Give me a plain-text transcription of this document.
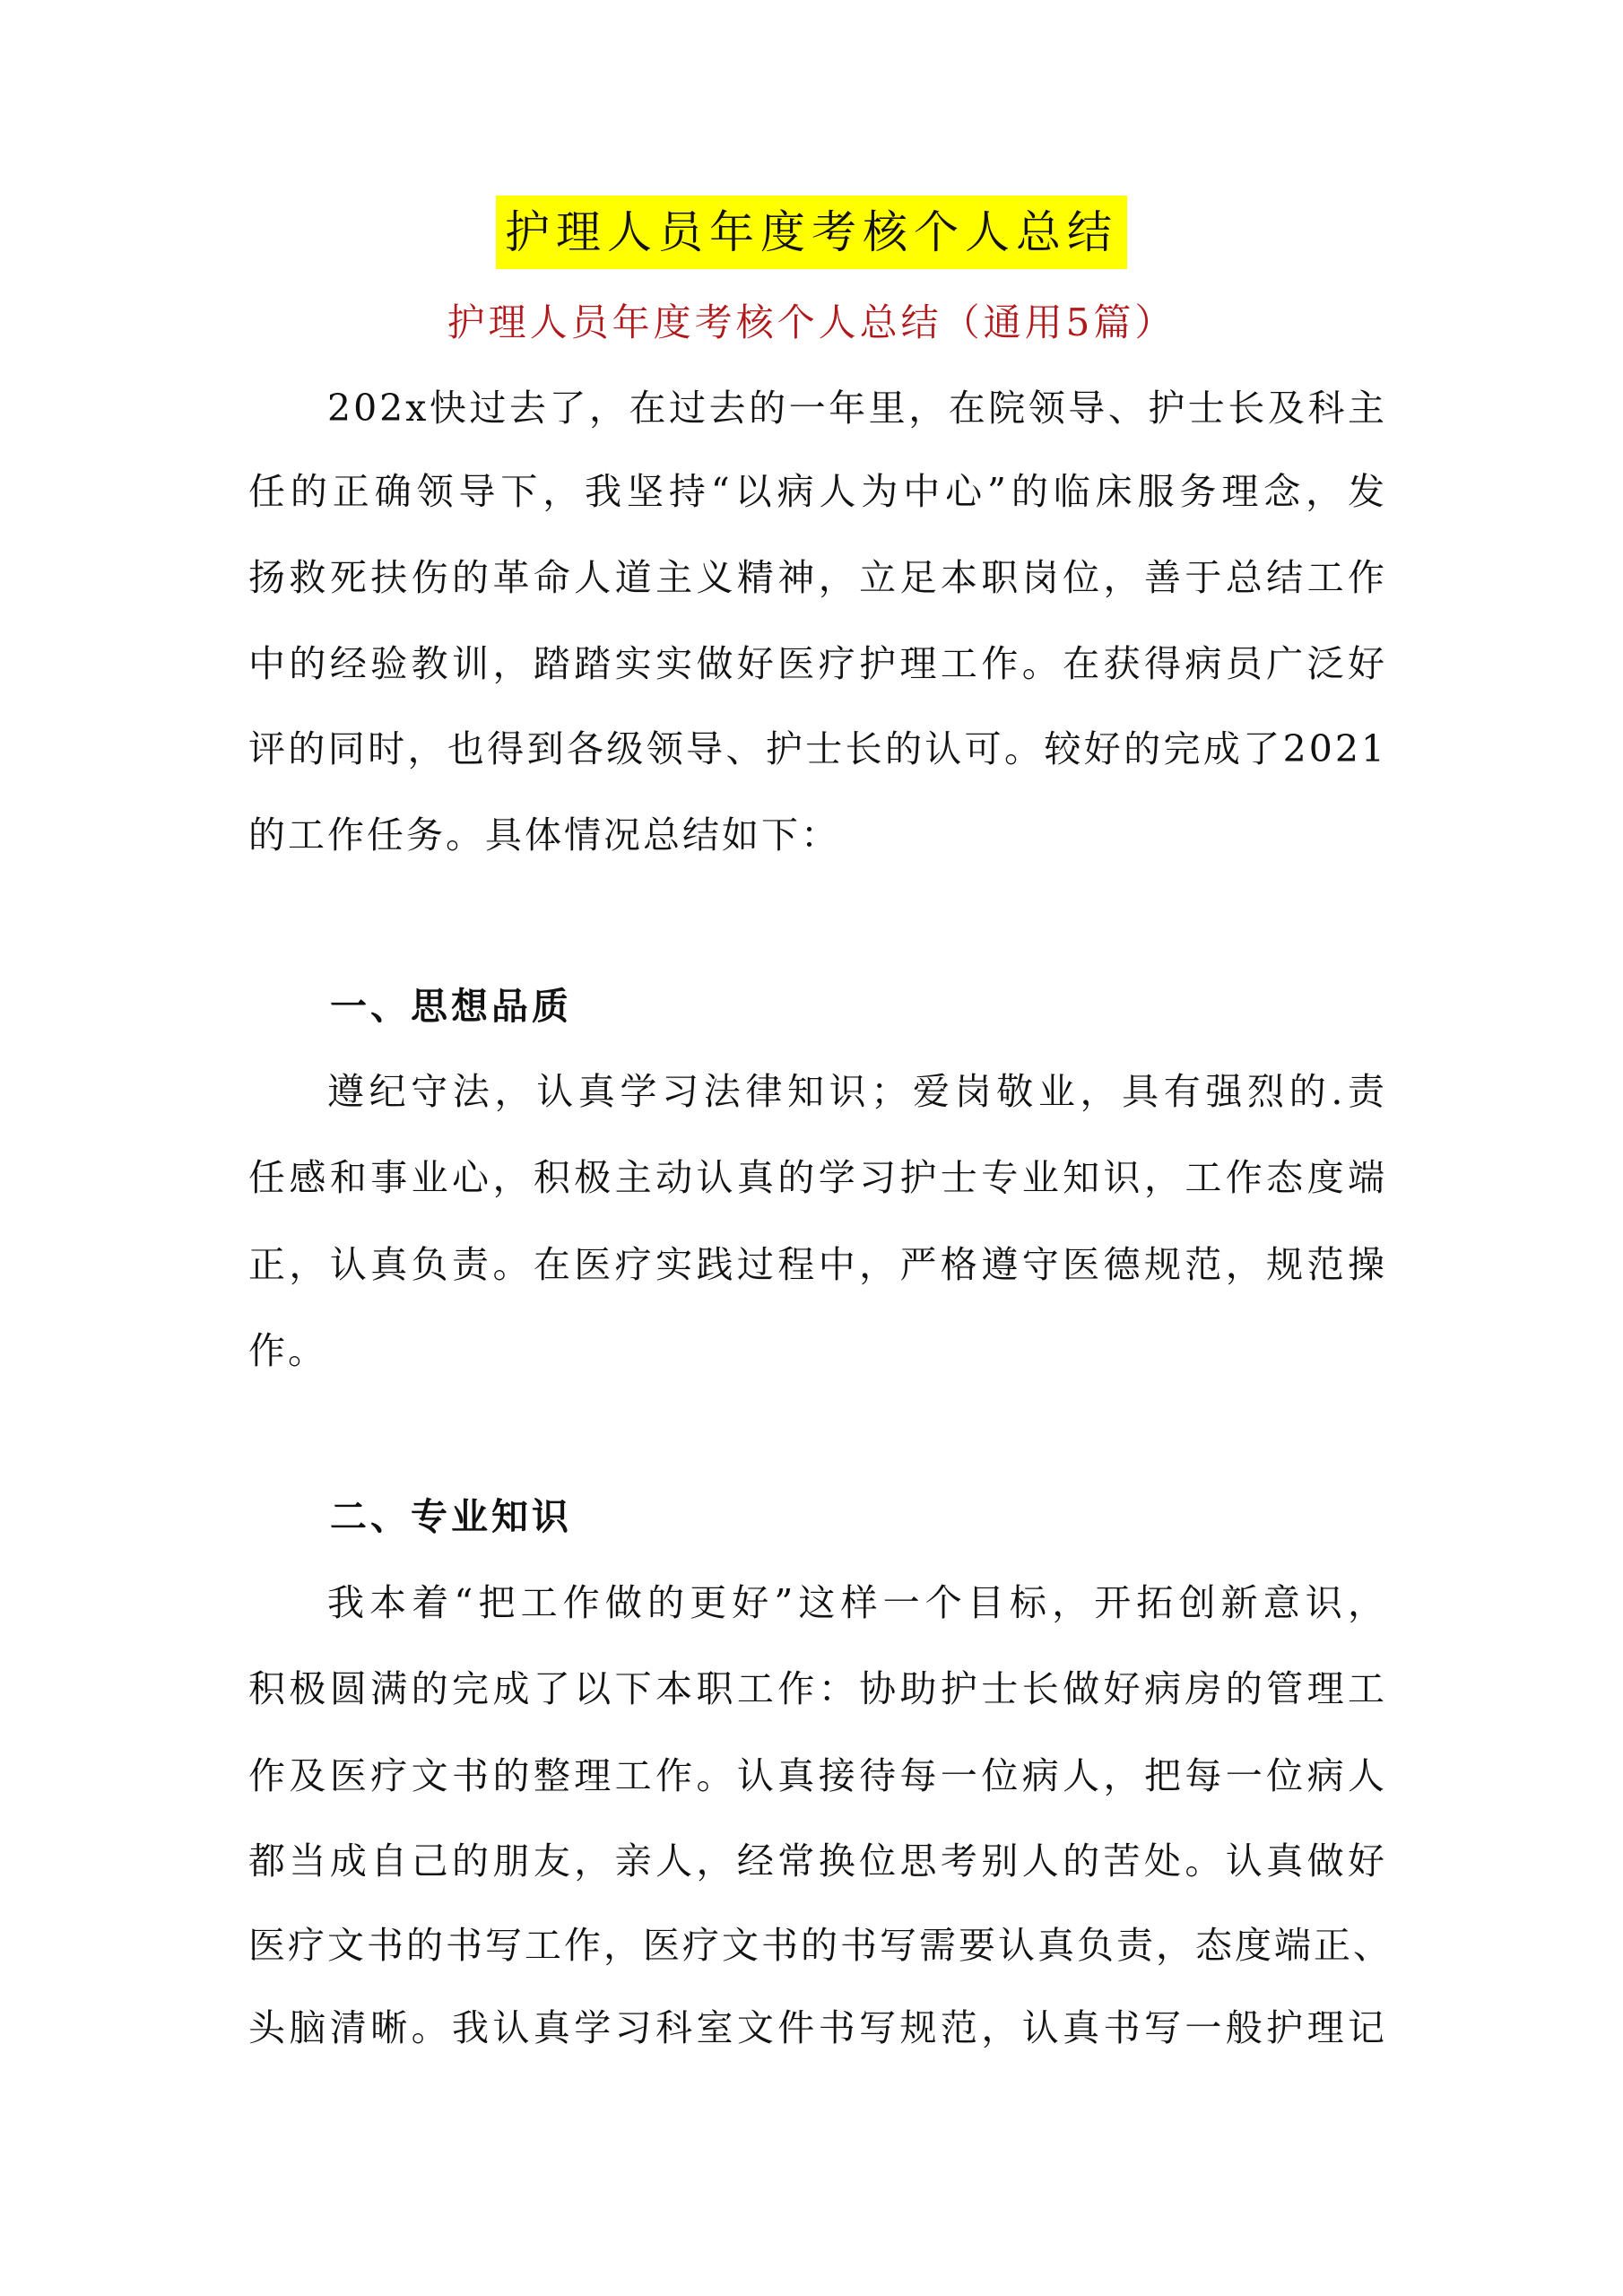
护理人员年度考核个人总结
护理人员年度考核个人总结（通用5篇）
202x快过去了，在过去的一年里，在院领导、护士长及科主
任的正确领导下，我坚持“以病人为中心”的临床服务理念，发
扬救死扶伤的革命人道主义精神，立足本职岗位，善于总结工作
中的经验教训，踏踏实实做好医疗护理工作。在获得病员广泛好
评的同时，也得到各级领导、护士长的认可。较好的完成了2021
的工作任务。具体情况总结如下：
一、思想品质
遵纪守法，认真学习法律知识；爱岗敬业，具有强烈的.责
任感和事业心，积极主动认真的学习护士专业知识，工作态度端
正，认真负责。在医疗实践过程中，严格遵守医德规范，规范操
作。
二、专业知识
我本着“把工作做的更好”这样一个目标，开拓创新意识，
积极圆满的完成了以下本职工作：协助护士长做好病房的管理工
作及医疗文书的整理工作。认真接待每一位病人，把每一位病人
都当成自己的朋友，亲人，经常换位思考别人的苦处。认真做好
医疗文书的书写工作，医疗文书的书写需要认真负责，态度端正、
头脑清晰。我认真学习科室文件书写规范，认真书写一般护理记
